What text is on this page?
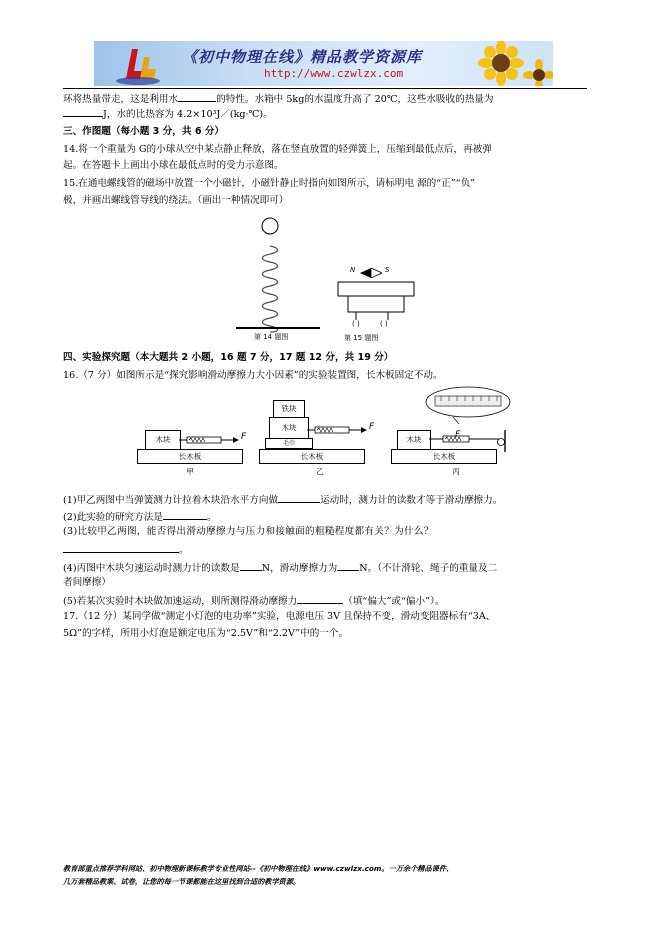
《初中物理在线》精品教学资源库
http://www.czwlzx.com
环将热量带走，这是利用水	的特性。水箱中 5kg的水温度升高了 20℃，这些水吸收的热量为
J，水的比热容为 4.2×10³J／(kg·℃)。
三、作图题（每小题 3 分，共 6 分）
14.将一个重量为 G的小球从空中某点静止释放，落在竖直放置的轻弹簧上，压缩到最低点后，再被弹
起。在答题卡上画出小球在最低点时的受力示意图。
15.在通电螺线管的磁场中放置一个小磁针，小磁针静止时指向如图所示，请标明电 源的“正”“负”
极，并画出螺线管导线的绕法。（画出一种情况即可）
第 14 题图
N	S
( )	( )
第 15 题图
四、实验探究题（本大题共 2 小题，16 题 7 分，17 题 12 分，共 19 分）
16.（7 分）如图所示是“探究影响滑动摩擦力大小因素”的实验装置图，长木板固定不动。
木块	F
长木板
甲
铁块
木块
毛巾
F
长木板
乙
木块	F
长木板
丙
(1)甲乙两图中当弹簧测力计拉着木块沿水平方向做	运动时，测力计的读数才等于滑动摩擦力。
(2)此实验的研究方法是	。
(3)比较甲乙两图，能否得出滑动摩擦力与压力和接触面的粗糙程度都有关？为什么？
。
(4)丙图中木块匀速运动时测力计的读数是 N，滑动摩擦力为 N。（不计滑轮、绳子的重量及二
者间摩擦）
(5)若某次实验时木块做加速运动，则所测得滑动摩擦力	（填“偏大”或“偏小”）。
17.（12 分）某同学做“测定小灯泡的电功率”实验，电源电压 3V 且保持不变，滑动变阻器标有“3A、
5Ω”的字样，所用小灯泡是额定电压为“2.5V”和“2.2V”中的一个。
教育部重点推荐学科网站、初中物理新课标教学专业性网站--《初中物理在线》www.czwlzx.com。一万余个精品课件、
几万套精品教案、试卷，让您的每一节课都能在这里找到合适的教学资源。
